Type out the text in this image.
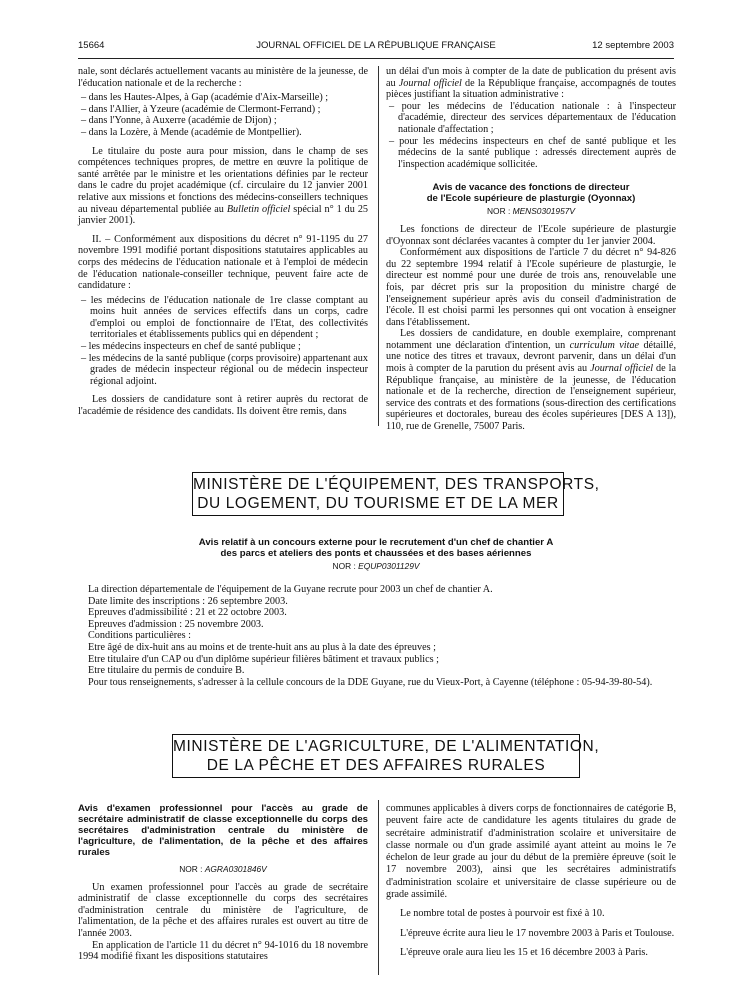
15664	JOURNAL OFFICIEL DE LA RÉPUBLIQUE FRANÇAISE	12 septembre 2003

nale, sont déclarés actuellement vacants au ministère de la jeunesse, de l'éducation nationale et de la recherche :

– dans les Hautes-Alpes, à Gap (académie d'Aix-Marseille) ;

– dans l'Allier, à Yzeure (académie de Clermont-Ferrand) ;

– dans l'Yonne, à Auxerre (académie de Dijon) ;

– dans la Lozère, à Mende (académie de Montpellier).

Le titulaire du poste aura pour mission, dans le champ de ses compétences techniques propres, de mettre en œuvre la politique de santé arrêtée par le ministre et les orientations définies par le recteur dans le cadre du projet académique (cf. circulaire du 12 janvier 2001 relative aux missions et fonctions des médecins-conseillers techniques au niveau départemental publiée au Bulletin officiel spécial n° 1 du 25 janvier 2001).

II. – Conformément aux dispositions du décret n° 91-1195 du 27 novembre 1991 modifié portant dispositions statutaires applicables au corps des médecins de l'éducation nationale et à l'emploi de médecin de l'éducation nationale-conseiller technique, peuvent faire acte de candidature :

– les médecins de l'éducation nationale de 1re classe comptant au moins huit années de services effectifs dans un corps, cadre d'emploi ou emploi de fonctionnaire de l'Etat, des collectivités territoriales et établissements publics qui en dépendent ;

– les médecins inspecteurs en chef de santé publique ;

– les médecins de la santé publique (corps provisoire) appartenant aux grades de médecin inspecteur régional ou de médecin inspecteur régional adjoint.

Les dossiers de candidature sont à retirer auprès du rectorat de l'académie de résidence des candidats. Ils doivent être remis, dans

un délai d'un mois à compter de la date de publication du présent avis au Journal officiel de la République française, accompagnés de toutes pièces justifiant la situation administrative :

– pour les médecins de l'éducation nationale : à l'inspecteur d'académie, directeur des services départementaux de l'éducation nationale d'affectation ;

– pour les médecins inspecteurs en chef de santé publique et les médecins de la santé publique : adressés directement auprès de l'inspection académique sollicitée.

Avis de vacance des fonctions de directeur
de l'Ecole supérieure de plasturgie (Oyonnax)
NOR : MENS0301957V

Les fonctions de directeur de l'Ecole supérieure de plasturgie d'Oyonnax sont déclarées vacantes à compter du 1er janvier 2004.

Conformément aux dispositions de l'article 7 du décret n° 94-826 du 22 septembre 1994 relatif à l'Ecole supérieure de plasturgie, le directeur est nommé pour une durée de trois ans, renouvelable une fois, par décret pris sur la proposition du ministre chargé de l'enseignement supérieur après avis du conseil d'administration de l'école. Il est choisi parmi les personnes qui ont vocation à enseigner dans l'établissement.

Les dossiers de candidature, en double exemplaire, comprenant notamment une déclaration d'intention, un curriculum vitae détaillé, une notice des titres et travaux, devront parvenir, dans un délai d'un mois à compter de la parution du présent avis au Journal officiel de la République française, au ministère de la jeunesse, de l'éducation nationale et de la recherche, direction de l'enseignement supérieur, service des contrats et des formations (sous-direction des certifications supérieures et doctorales, bureau des écoles supérieures [DES A 13]), 110, rue de Grenelle, 75007 Paris.

MINISTÈRE DE L'ÉQUIPEMENT, DES TRANSPORTS,
DU LOGEMENT, DU TOURISME ET DE LA MER
Avis relatif à un concours externe pour le recrutement d'un chef de chantier A
des parcs et ateliers des ponts et chaussées et des bases aériennes
NOR : EQUP0301129V

La direction départementale de l'équipement de la Guyane recrute pour 2003 un chef de chantier A.

Date limite des inscriptions : 26 septembre 2003.

Epreuves d'admissibilité : 21 et 22 octobre 2003.

Epreuves d'admission : 25 novembre 2003.

Conditions particulières :

Etre âgé de dix-huit ans au moins et de trente-huit ans au plus à la date des épreuves ;

Etre titulaire d'un CAP ou d'un diplôme supérieur filières bâtiment et travaux publics ;

Etre titulaire du permis de conduire B.

Pour tous renseignements, s'adresser à la cellule concours de la DDE Guyane, rue du Vieux-Port, à Cayenne (téléphone : 05-94-39-80-54).

MINISTÈRE DE L'AGRICULTURE, DE L'ALIMENTATION,
DE LA PÊCHE ET DES AFFAIRES RURALES
Avis d'examen professionnel pour l'accès au grade de secrétaire administratif de classe exceptionnelle du corps des secrétaires d'administration centrale du ministère de l'agriculture, de l'alimentation, de la pêche et des affaires rurales
NOR : AGRA0301846V

Un examen professionnel pour l'accès au grade de secrétaire administratif de classe exceptionnelle du corps des secrétaires d'administration centrale du ministère de l'agriculture, de l'alimentation, de la pêche et des affaires rurales est ouvert au titre de l'année 2003.

En application de l'article 11 du décret n° 94-1016 du 18 novembre 1994 modifié fixant les dispositions statutaires

communes applicables à divers corps de fonctionnaires de catégorie B, peuvent faire acte de candidature les agents titulaires du grade de secrétaire administratif d'administration scolaire et universitaire de classe normale ou d'un grade assimilé ayant atteint au moins le 7e échelon de leur grade au jour du début de la première épreuve (soit le 17 novembre 2003), ainsi que les secrétaires administratifs d'administration scolaire et universitaire de classe supérieure ou de grade assimilé.

Le nombre total de postes à pourvoir est fixé à 10.

L'épreuve écrite aura lieu le 17 novembre 2003 à Paris et Toulouse.

L'épreuve orale aura lieu les 15 et 16 décembre 2003 à Paris.
